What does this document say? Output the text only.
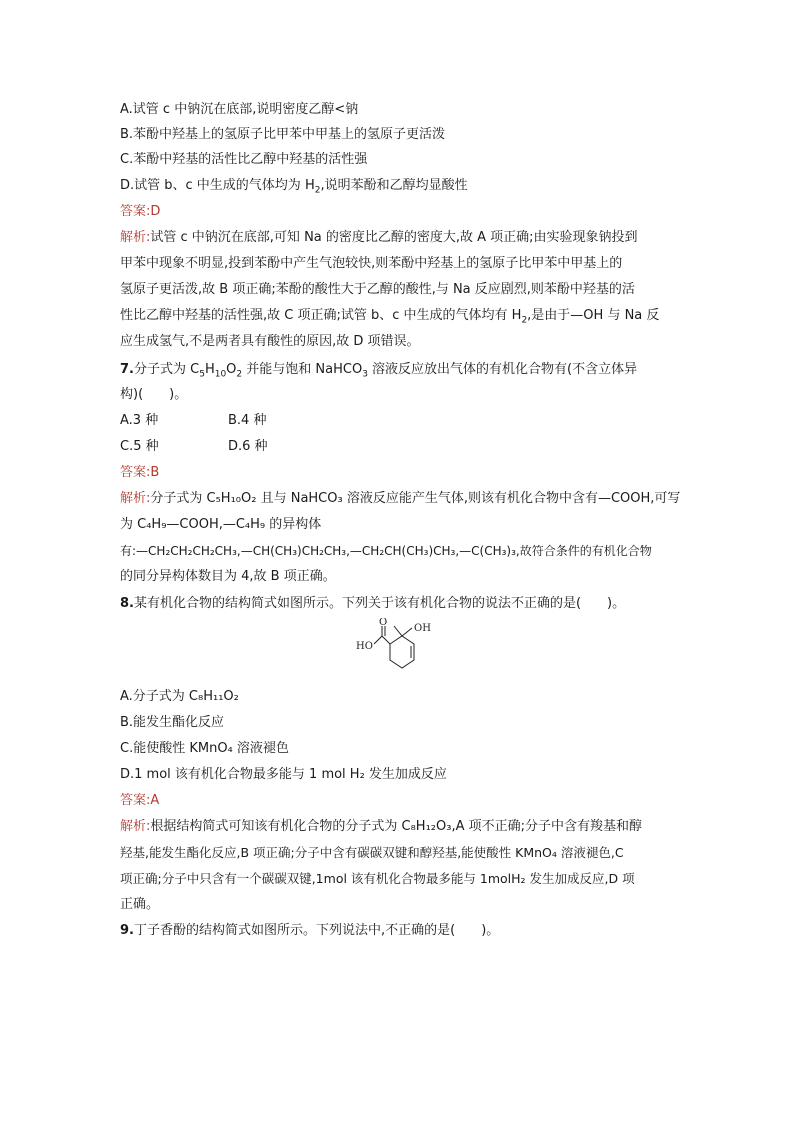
A.试管 c 中钠沉在底部,说明密度乙醇<钠
B.苯酚中羟基上的氢原子比甲苯中甲基上的氢原子更活泼
C.苯酚中羟基的活性比乙醇中羟基的活性强
D.试管 b、c 中生成的气体均为 $H_2$,说明苯酚和乙醇均显酸性
答案:D
解析:试管 c 中钠沉在底部,可知 Na 的密度比乙醇的密度大,故 A 项正确;由实验现象钠投到
甲苯中现象不明显,投到苯酚中产生气泡较快,则苯酚中羟基上的氢原子比甲苯中甲基上的
氢原子更活泼,故 B 项正确;苯酚的酸性大于乙醇的酸性,与 Na 反应剧烈,则苯酚中羟基的活
性比乙醇中羟基的活性强,故 C 项正确;试管 b、c 中生成的气体均有 $H_2$,是由于—OH 与 Na 反
应生成氢气,不是两者具有酸性的原因,故 D 项错误。
7.分子式为 $C_5H_{10}O_2$ 并能与饱和 NaHCO$_3$ 溶液反应放出气体的有机化合物有(不含立体异
构)(　　)。
A.3 种	B.4 种
C.5 种	D.6 种
答案:B
解析:分子式为 C₅H₁₀O₂ 且与 NaHCO₃ 溶液反应能产生气体,则该有机化合物中含有—COOH,可写
为 C₄H₉—COOH,—C₄H₉ 的异构体
有:—CH₂CH₂CH₂CH₃,—CH(CH₃)CH₂CH₃,—CH₂CH(CH₃)CH₃,—C(CH₃)₃,故符合条件的有机化合物
的同分异构体数目为 4,故 B 项正确。
8.某有机化合物的结构简式如图所示。下列关于该有机化合物的说法不正确的是(　　)。
OH
O
HO
A.分子式为 C₈H₁₁O₂
B.能发生酯化反应
C.能使酸性 KMnO₄ 溶液褪色
D.1 mol 该有机化合物最多能与 1 mol H₂ 发生加成反应
答案:A
解析:根据结构简式可知该有机化合物的分子式为 C₈H₁₂O₃,A 项不正确;分子中含有羧基和醇
羟基,能发生酯化反应,B 项正确;分子中含有碳碳双键和醇羟基,能使酸性 KMnO₄ 溶液褪色,C
项正确;分子中只含有一个碳碳双键,1mol 该有机化合物最多能与 1molH₂ 发生加成反应,D 项
正确。
9.丁子香酚的结构简式如图所示。下列说法中,不正确的是(　　)。
